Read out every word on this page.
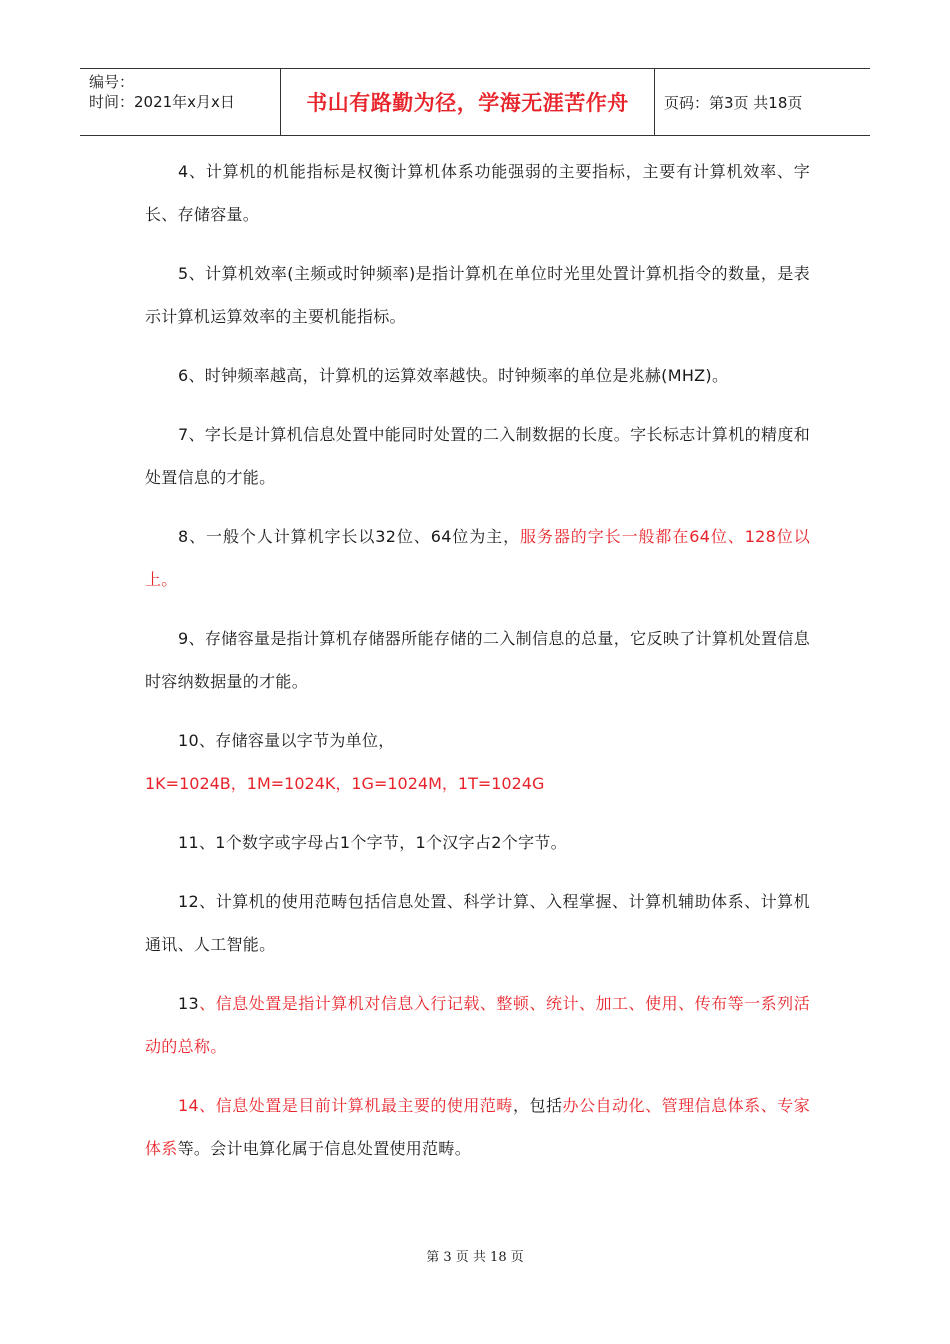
编号：
时间：2021年x月x日	书山有路勤为径，学海无涯苦作舟 页码：第3页 共18页

4、计算机的机能指标是权衡计算机体系功能强弱的主要指标，主要有计算机效率、字长、存储容量。

5、计算机效率(主频或时钟频率)是指计算机在单位时光里处置计算机指令的数量，是表示计算机运算效率的主要机能指标。

6、时钟频率越高，计算机的运算效率越快。时钟频率的单位是兆赫(MHZ)。

7、字长是计算机信息处置中能同时处置的二入制数据的长度。字长标志计算机的精度和处置信息的才能。

8、一般个人计算机字长以32位、64位为主，服务器的字长一般都在64位、128位以上。

9、存储容量是指计算机存储器所能存储的二入制信息的总量，它反映了计算机处置信息时容纳数据量的才能。

10、存储容量以字节为单位，

1K=1024B，1M=1024K，1G=1024M，1T=1024G

11、1个数字或字母占1个字节，1个汉字占2个字节。

12、计算机的使用范畴包括信息处置、科学计算、入程掌握、计算机辅助体系、计算机通讯、人工智能。

13、信息处置是指计算机对信息入行记载、整顿、统计、加工、使用、传布等一系列活动的总称。

14、信息处置是目前计算机最主要的使用范畴，包括办公自动化、管理信息体系、专家体系等。会计电算化属于信息处置使用范畴。

第 3 页 共 18 页
